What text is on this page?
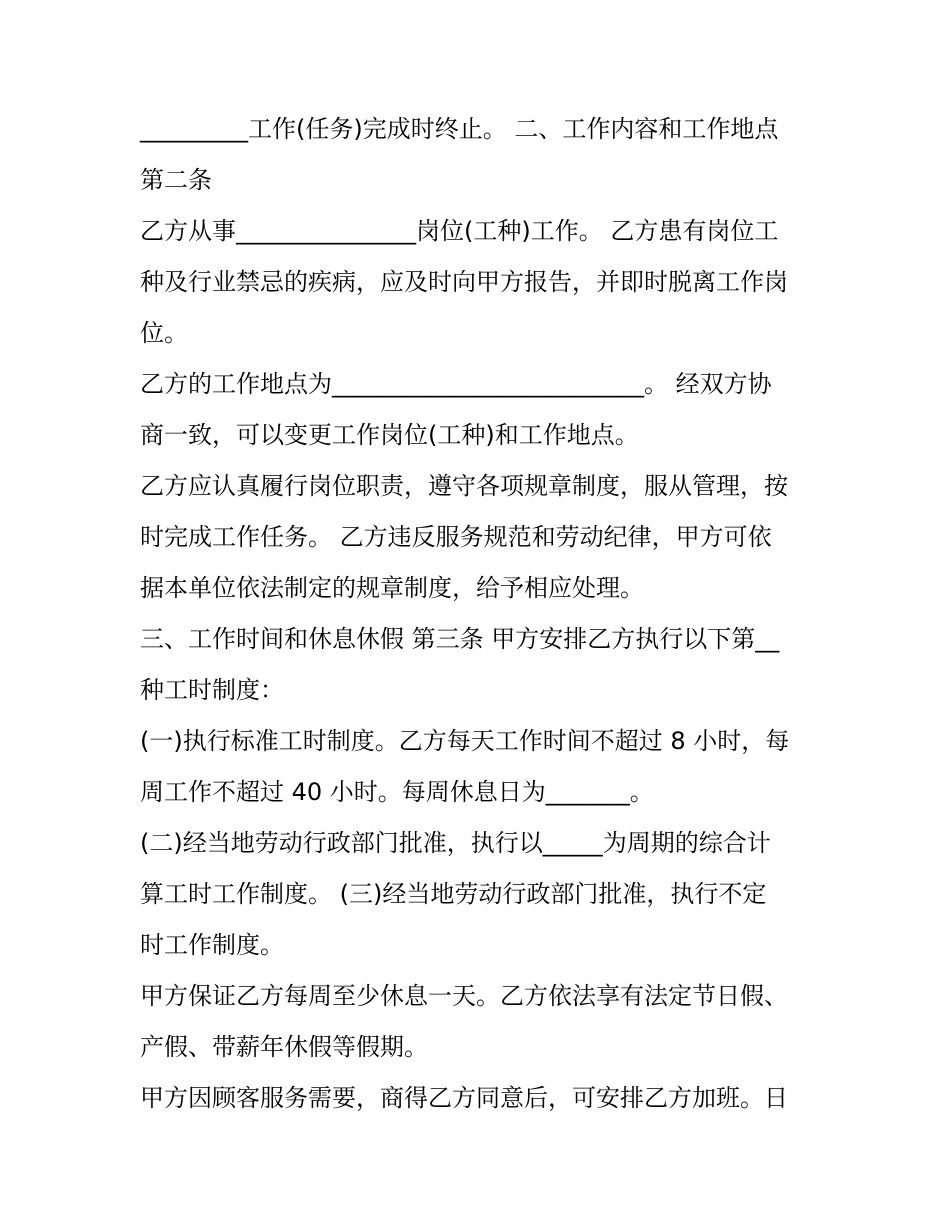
_________工作(任务)完成时终止。 二、工作内容和工作地点
第二条
乙方从事_______________岗位(工种)工作。 乙方患有岗位工
种及行业禁忌的疾病，应及时向甲方报告，并即时脱离工作岗
位。
乙方的工作地点为__________________________。 经双方协
商一致，可以变更工作岗位(工种)和工作地点。
乙方应认真履行岗位职责，遵守各项规章制度，服从管理，按
时完成工作任务。 乙方违反服务规范和劳动纪律，甲方可依
据本单位依法制定的规章制度，给予相应处理。
三、工作时间和休息休假 第三条 甲方安排乙方执行以下第__
种工时制度：
(一)执行标准工时制度。乙方每天工作时间不超过 8 小时，每
周工作不超过 40 小时。每周休息日为_______。
(二)经当地劳动行政部门批准，执行以_____为周期的综合计
算工时工作制度。 (三)经当地劳动行政部门批准，执行不定
时工作制度。
甲方保证乙方每周至少休息一天。乙方依法享有法定节日假、
产假、带薪年休假等假期。
甲方因顾客服务需要，商得乙方同意后，可安排乙方加班。日
